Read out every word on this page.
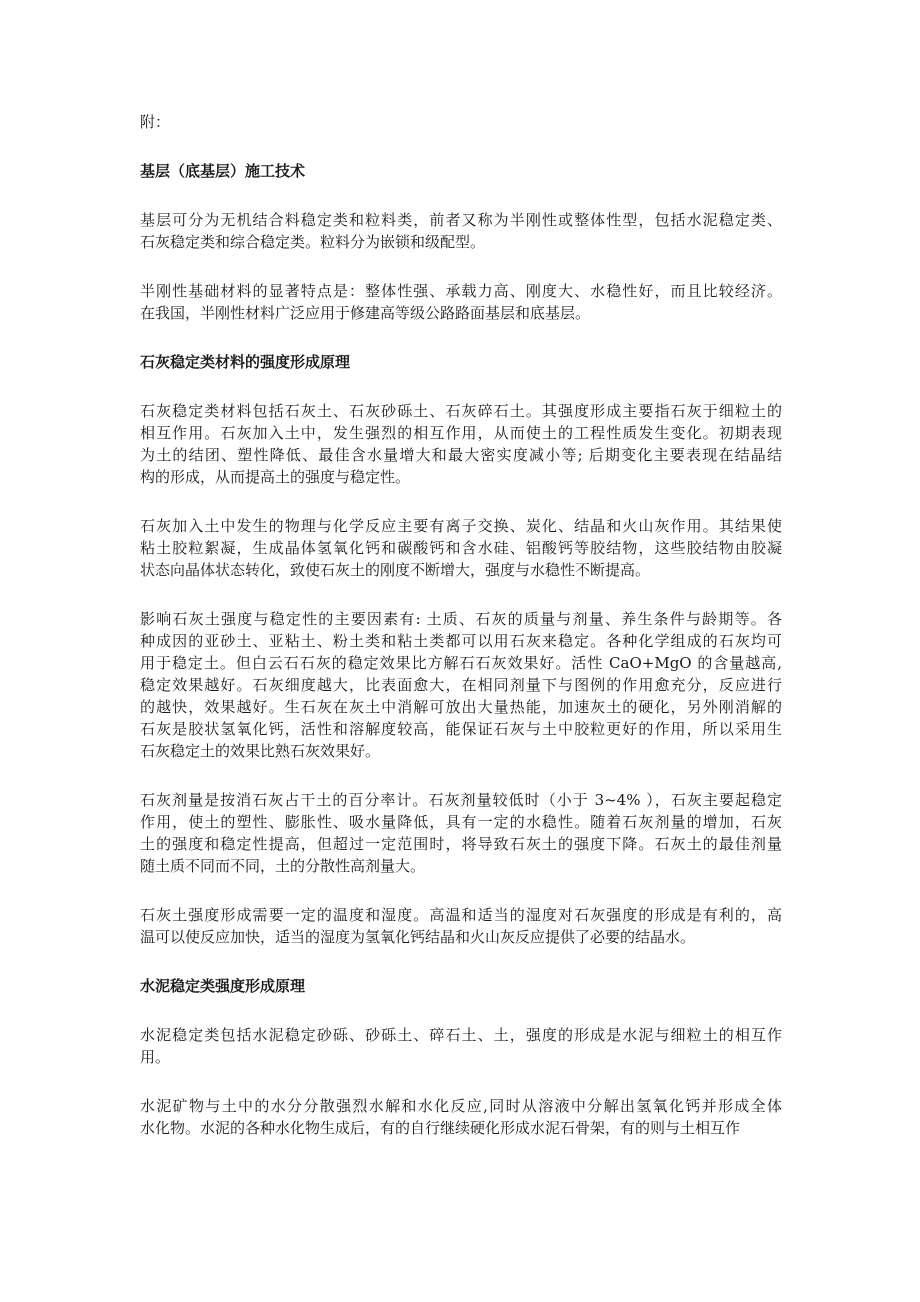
附：
基层（底基层）施工技术
基层可分为无机结合料稳定类和粒料类，前者又称为半刚性或整体性型，包括水泥稳定类、
石灰稳定类和综合稳定类。粒料分为嵌锁和级配型。
半刚性基础材料的显著特点是：整体性强、承载力高、刚度大、水稳性好，而且比较经济。
在我国，半刚性材料广泛应用于修建高等级公路路面基层和底基层。
石灰稳定类材料的强度形成原理
石灰稳定类材料包括石灰土、石灰砂砾土、石灰碎石土。其强度形成主要指石灰于细粒土的
相互作用。石灰加入土中，发生强烈的相互作用，从而使土的工程性质发生变化。初期表现
为土的结团、塑性降低、最佳含水量增大和最大密实度减小等; 后期变化主要表现在结晶结
构的形成，从而提高土的强度与稳定性。
石灰加入土中发生的物理与化学反应主要有离子交换、炭化、结晶和火山灰作用。其结果使
粘土胶粒絮凝，生成晶体氢氧化钙和碳酸钙和含水硅、铝酸钙等胶结物，这些胶结物由胶凝
状态向晶体状态转化，致使石灰土的刚度不断增大，强度与水稳性不断提高。
影响石灰土强度与稳定性的主要因素有: 土质、石灰的质量与剂量、养生条件与龄期等。各
种成因的亚砂土、亚粘土、粉土类和粘土类都可以用石灰来稳定。各种化学组成的石灰均可
用于稳定土。但白云石石灰的稳定效果比方解石石灰效果好。活性 CaO+MgO 的含量越高,
稳定效果越好。石灰细度越大，比表面愈大，在相同剂量下与图例的作用愈充分，反应进行
的越快，效果越好。生石灰在灰土中消解可放出大量热能，加速灰土的硬化，另外刚消解的
石灰是胶状氢氧化钙，活性和溶解度较高，能保证石灰与土中胶粒更好的作用，所以采用生
石灰稳定土的效果比熟石灰效果好。
石灰剂量是按消石灰占干土的百分率计。石灰剂量较低时（小于 3~4% ），石灰主要起稳定
作用，使土的塑性、膨胀性、吸水量降低，具有一定的水稳性。随着石灰剂量的增加，石灰
土的强度和稳定性提高，但超过一定范围时，将导致石灰土的强度下降。石灰土的最佳剂量
随土质不同而不同，土的分散性高剂量大。
石灰土强度形成需要一定的温度和湿度。高温和适当的湿度对石灰强度的形成是有利的，高
温可以使反应加快，适当的湿度为氢氧化钙结晶和火山灰反应提供了必要的结晶水。
水泥稳定类强度形成原理
水泥稳定类包括水泥稳定砂砾、砂砾土、碎石土、土，强度的形成是水泥与细粒土的相互作
用。
水泥矿物与土中的水分分散强烈水解和水化反应,同时从溶液中分解出氢氧化钙并形成全体
水化物。水泥的各种水化物生成后，有的自行继续硬化形成水泥石骨架，有的则与土相互作
